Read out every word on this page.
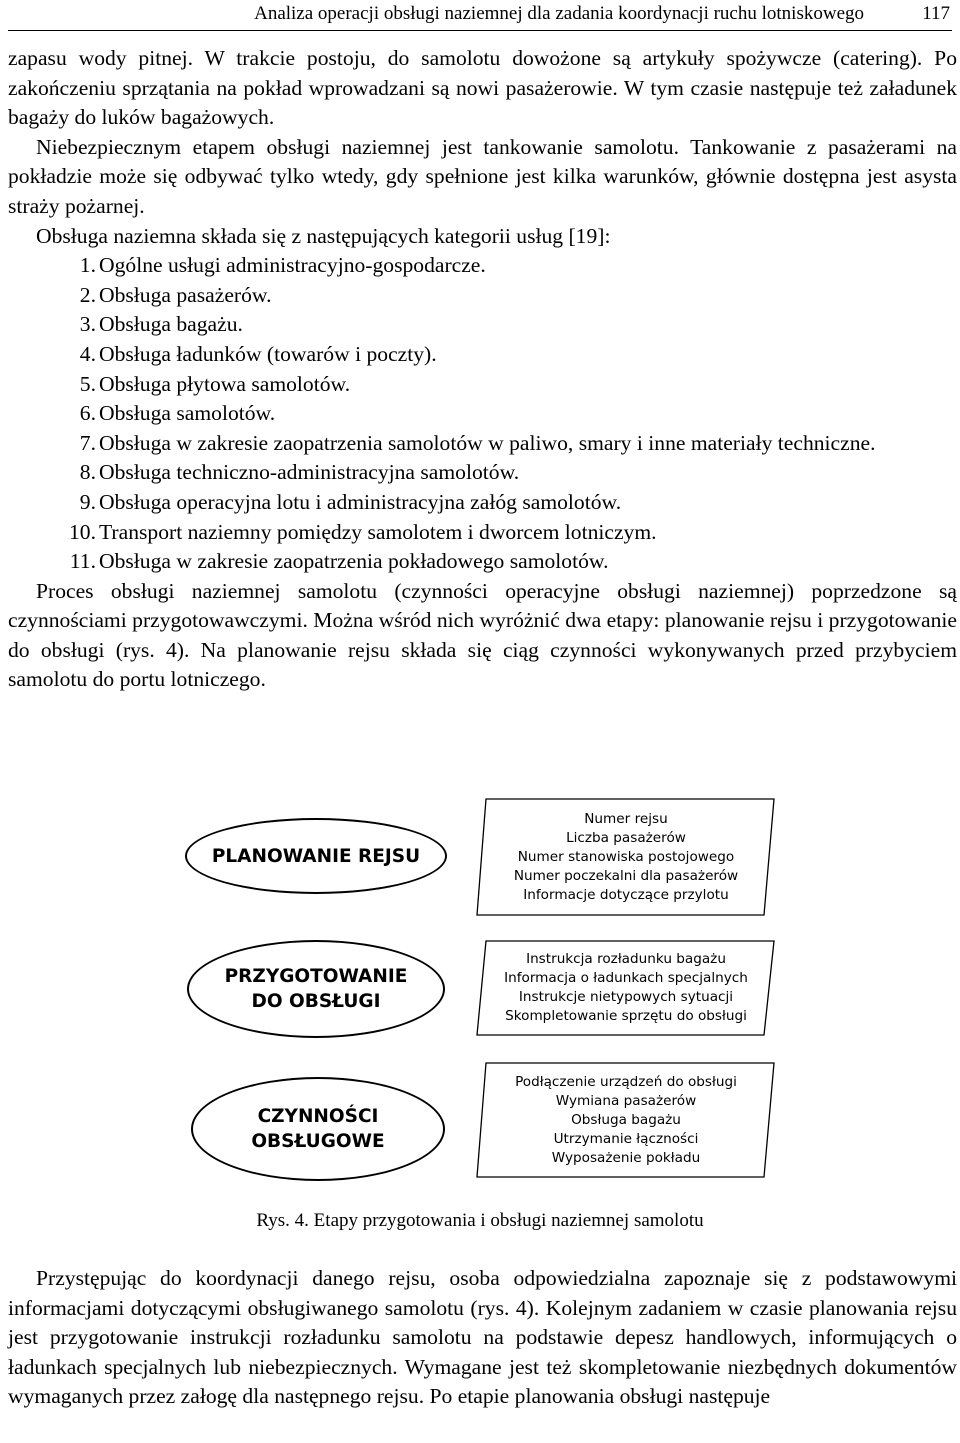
Analiza operacji obsługi naziemnej dla zadania koordynacji ruchu lotniskowego	117

zapasu wody pitnej. W trakcie postoju, do samolotu dowożone są artykuły spożywcze (catering). Po zakończeniu sprzątania na pokład wprowadzani są nowi pasażerowie. W tym czasie następuje też załadunek bagaży do luków bagażowych.

Niebezpiecznym etapem obsługi naziemnej jest tankowanie samolotu. Tankowanie z pasażerami na pokładzie może się odbywać tylko wtedy, gdy spełnione jest kilka warunków, głównie dostępna jest asysta straży pożarnej.

Obsługa naziemna składa się z następujących kategorii usług [19]:

1. Ogólne usługi administracyjno-gospodarcze.
2. Obsługa pasażerów.
3. Obsługa bagażu.
4. Obsługa ładunków (towarów i poczty).
5. Obsługa płytowa samolotów.
6. Obsługa samolotów.
7. Obsługa w zakresie zaopatrzenia samolotów w paliwo, smary i inne materiały techniczne.
8. Obsługa techniczno-administracyjna samolotów.
9. Obsługa operacyjna lotu i administracyjna załóg samolotów.
10. Transport naziemny pomiędzy samolotem i dworcem lotniczym.
11. Obsługa w zakresie zaopatrzenia pokładowego samolotów.

Proces obsługi naziemnej samolotu (czynności operacyjne obsługi naziemnej) poprzedzone są czynnościami przygotowawczymi. Można wśród nich wyróżnić dwa etapy: planowanie rejsu i przygotowanie do obsługi (rys. 4). Na planowanie rejsu składa się ciąg czynności wykonywanych przed przybyciem samolotu do portu lotniczego.

PLANOWANIE REJSU
PRZYGOTOWANIE
DO OBSŁUGI
CZYNNOŚCI
OBSŁUGOWE
Numer rejsu
Liczba pasażerów
Numer stanowiska postojowego
Numer poczekalni dla pasażerów
Informacje dotyczące przylotu
Instrukcja rozładunku bagażu
Informacja o ładunkach specjalnych
Instrukcje nietypowych sytuacji
Skompletowanie sprzętu do obsługi
Podłączenie urządzeń do obsługi
Wymiana pasażerów
Obsługa bagażu
Utrzymanie łączności
Wyposażenie pokładu
Rys. 4. Etapy przygotowania i obsługi naziemnej samolotu

Przystępując do koordynacji danego rejsu, osoba odpowiedzialna zapoznaje się z podstawowymi informacjami dotyczącymi obsługiwanego samolotu (rys. 4). Kolejnym zadaniem w czasie planowania rejsu jest przygotowanie instrukcji rozładunku samolotu na podstawie depesz handlowych, informujących o ładunkach specjalnych lub niebezpiecznych. Wymagane jest też skompletowanie niezbędnych dokumentów wymaganych przez załogę dla następnego rejsu. Po etapie planowania obsługi następuje
